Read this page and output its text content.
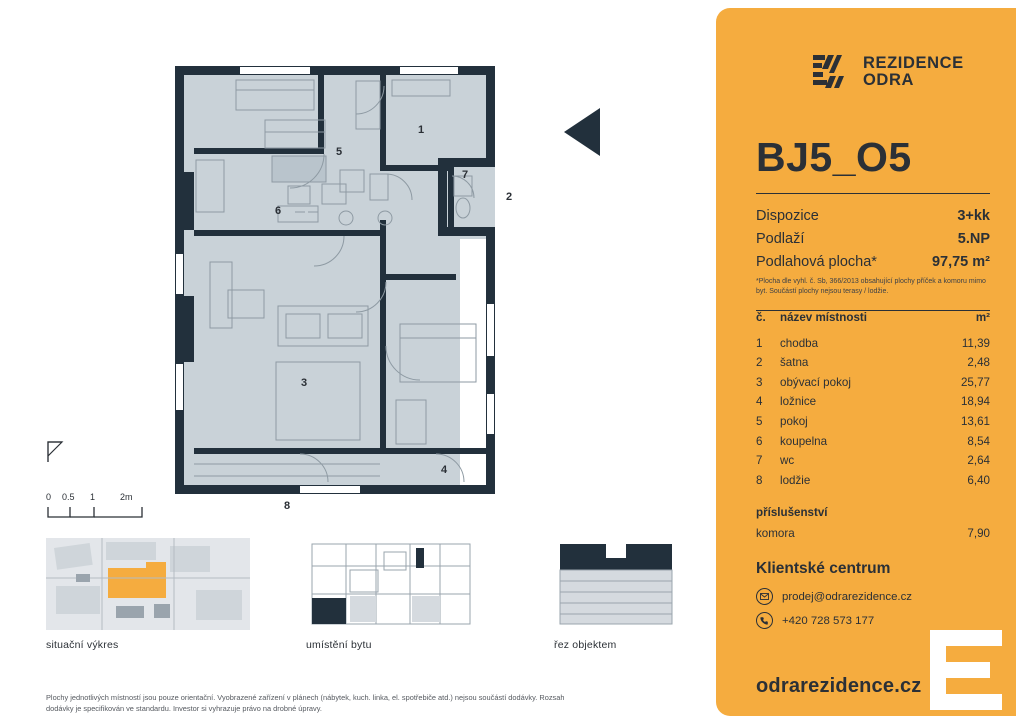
1
2
3
4
5
6
7
8

0 0.5 1	2m
situační výkres	umístění bytu	řez objektem
Plochy jednotlivých místností jsou pouze orientační. Vyobrazené zařízení v plánech (nábytek, kuch. linka, el. spotřebiče atd.) nejsou součástí dodávky. Rozsah dodávky je specifikován ve standardu. Investor si vyhrazuje právo na drobné úpravy.
REZIDENCE
ODRA
BJ5_O5
Dispozice	3+kk
Podlaží	5.NP
Podlahová plocha*	97,75 m²
*Plocha dle vyhl. č. Sb, 366/2013 obsahující plochy příček a komoru mimo byt. Součástí plochy nejsou terasy / lodžie.
č.	název místnosti	m²
1	chodba	11,39
2	šatna	2,48
3	obývací pokoj	25,77
4	ložnice	18,94
5	pokoj	13,61
6	koupelna	8,54
7	wc	2,64
8	lodžie	6,40
příslušenství
komora	7,90
Klientské centrum
prodej@odrarezidence.cz
+420 728 573 177
odrarezidence.cz
